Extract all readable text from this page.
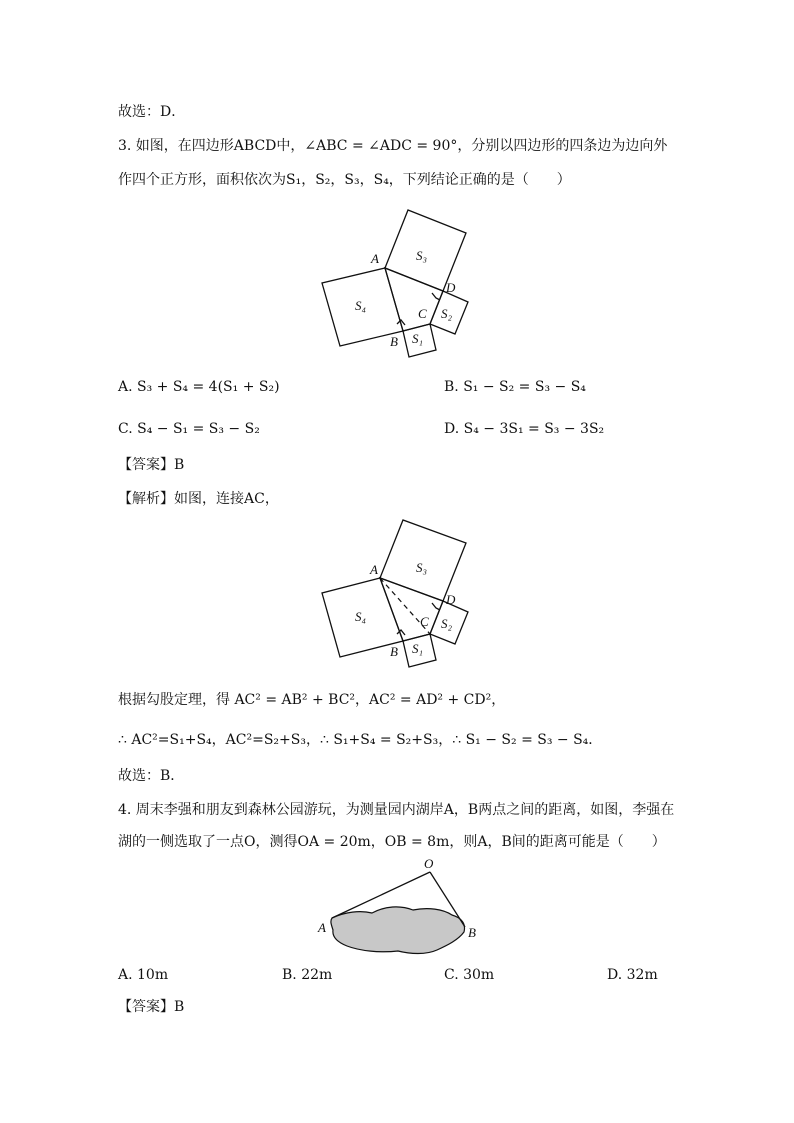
故选：D．
3. 如图，在四边形ABCD中，∠ABC = ∠ADC = 90°，分别以四边形的四条边为边向外
作四个正方形，面积依次为S₁，S₂，S₃，S₄，下列结论正确的是（　　）
S₃
S₄
S₁
S₂
A
B
C
D
A. S₃ + S₄ = 4(S₁ + S₂)	B. S₁ − S₂ = S₃ − S₄
C. S₄ − S₁ = S₃ − S₂	D. S₄ − 3S₁ = S₃ − 3S₂
【答案】B
【解析】如图，连接AC，
S₃
S₄
S₁
S₂
A
B
C
D
根据勾股定理，得 AC² = AB² + BC²，AC² = AD² + CD²，
∴ AC²=S₁+S₄，AC²=S₂+S₃，∴ S₁+S₄ = S₂+S₃，∴ S₁ − S₂ = S₃ − S₄．
故选：B．
4. 周末李强和朋友到森林公园游玩，为测量园内湖岸A，B两点之间的距离，如图，李强在
湖的一侧选取了一点O，测得OA = 20m，OB = 8m，则A，B间的距离可能是（　　）
O
A	B
A. 10m	B. 22m	C. 30m	D. 32m
【答案】B
